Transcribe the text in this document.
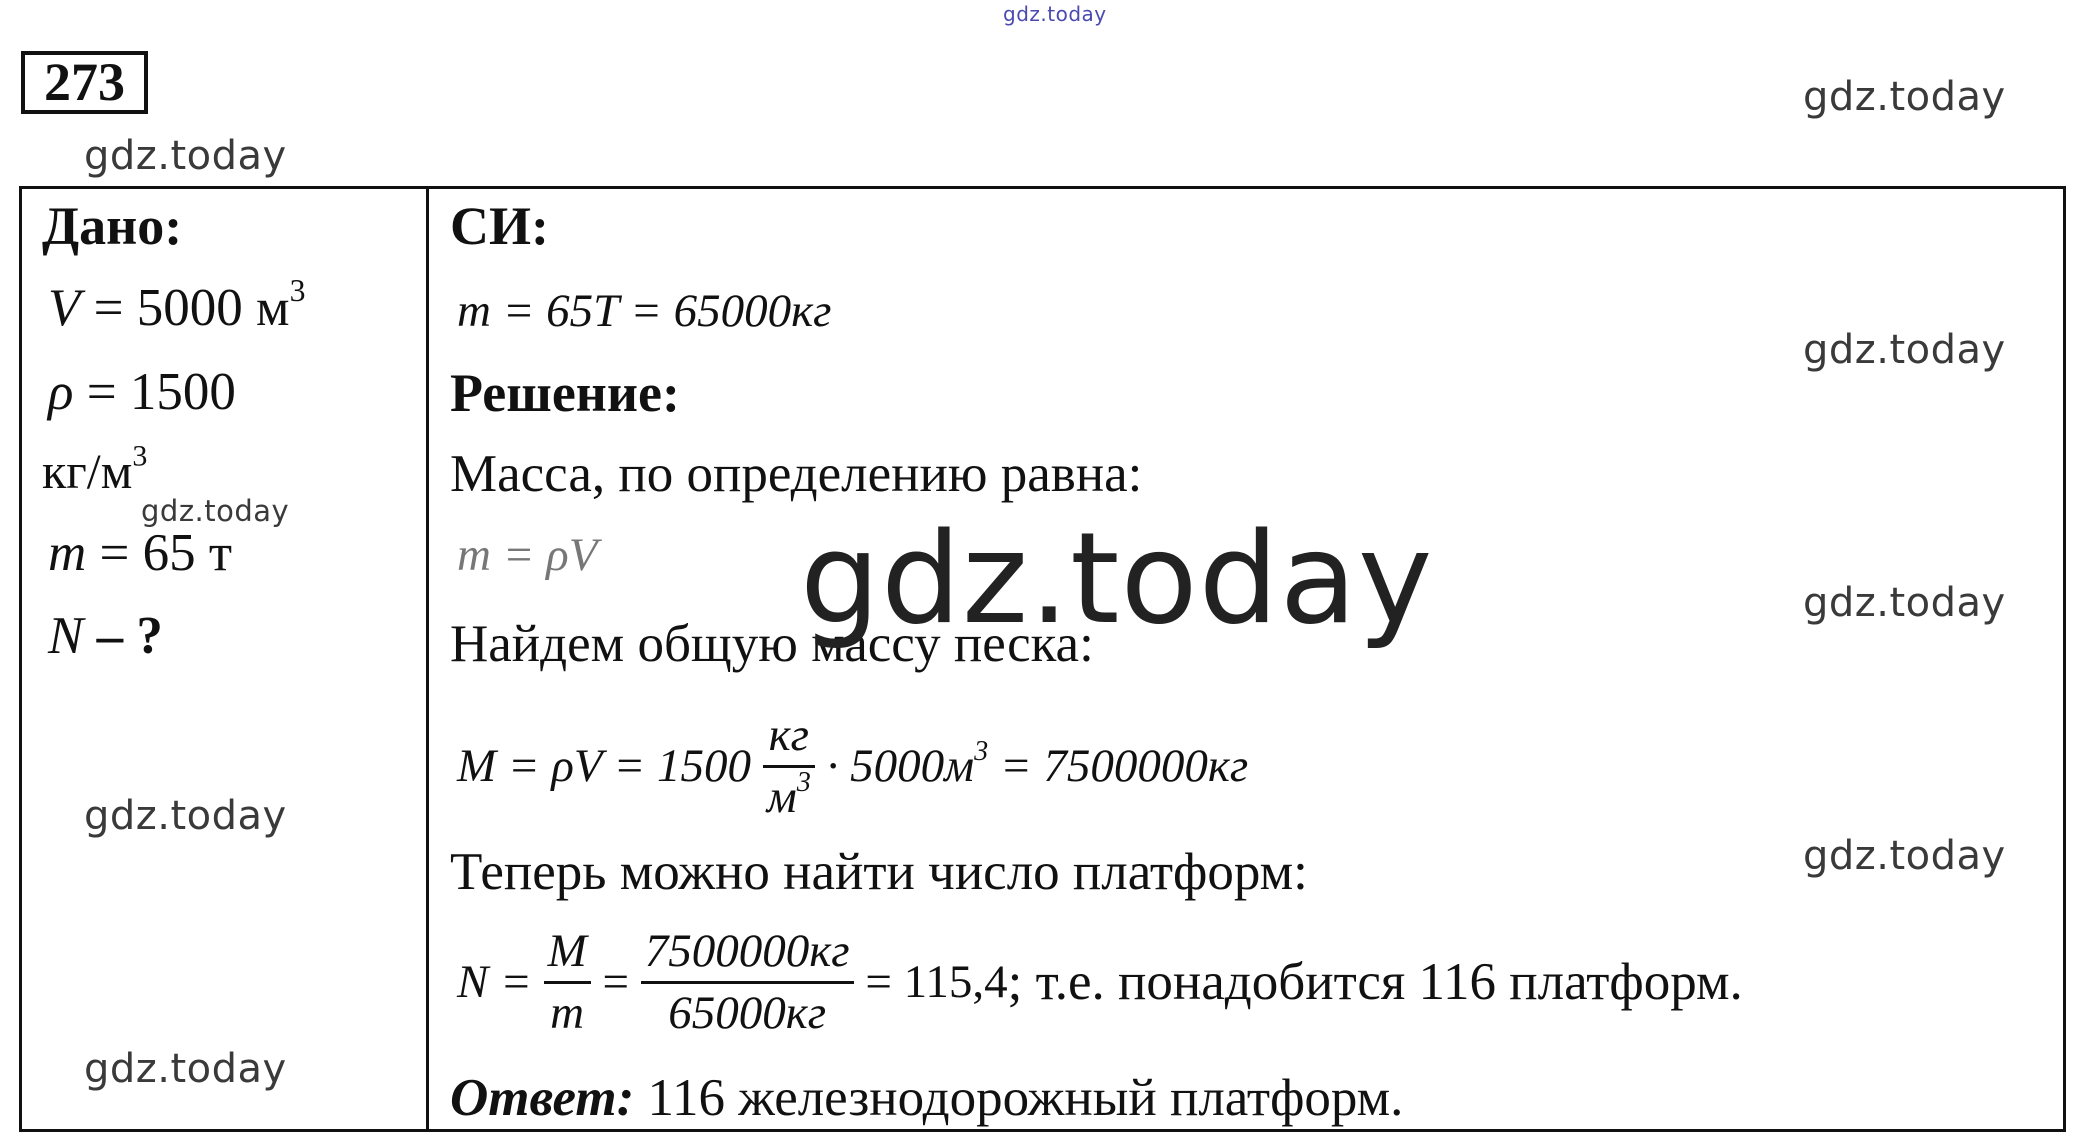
gdz.today
gdz.today
gdz.today
gdz.today
gdz.today
gdz.today
gdz.today
gdz.today
gdz.today
273
Дано:
V = 5000 $м^3$
ρ = 1500
$кг/м^3$
m = 65 т
N – ?
СИ:
m = 65T = 65000кг
Решение:
Масса, по определению равна:
m = ρV
Найдем общую массу песка:
$M = \rho V = 1500 \frac{кг}{м^3} \cdot 5000м^3 = 7500000кг$
Теперь можно найти число платформ:
$N = \frac{M}{m} = \frac{7500000кг}{65000кг} = 115,4$; т.е. понадобится 116 платформ.
Ответ: 116 железнодорожный платформ.
gdz.today
